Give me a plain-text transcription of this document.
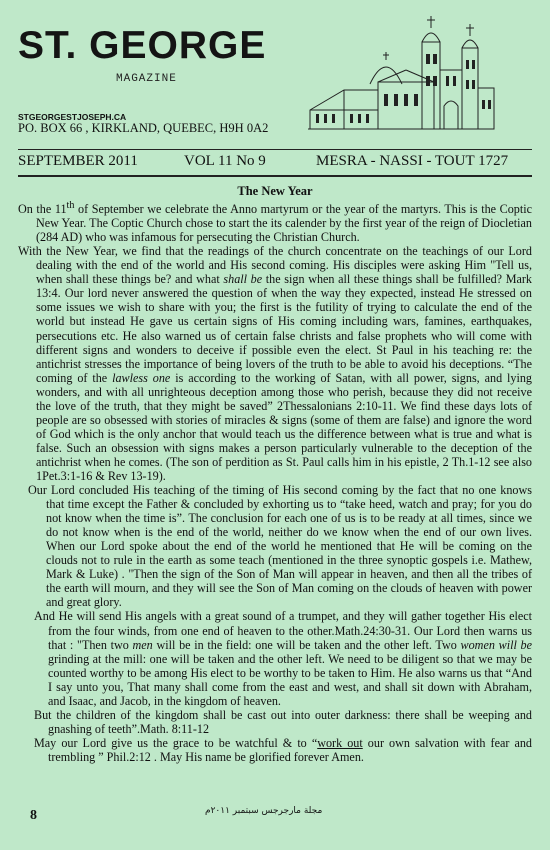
ST. GEORGE
MAGAZINE
STGEORGESTJOSEPH.CA
PO. BOX 66 , KIRKLAND, QUEBEC, H9H 0A2
SEPTEMBER 2011	VOL 11 No 9	MESRA - NASSI - TOUT 1727
The New Year

On the 11th of September we celebrate the Anno martyrum or the year of the martyrs. This is the Coptic New Year. The Coptic Church chose to start the its calender by the first year of the reign of Diocletian (284 AD) who was infamous for persecuting the Christian Church.

With the New Year, we find that the readings of the church concentrate on the teachings of our Lord dealing with the end of the world and His second coming. His disciples were asking Him "Tell us, when shall these things be? and what shall be the sign when all these things shall be fulfilled? Mark 13:4. Our lord never answered the question of when the way they expected, instead He stressed on some issues we wish to share with you; the first is the futility of trying to calculate the end of the world but instead He gave us certain signs of His coming including wars, famines, earthquakes, persecutions etc. He also warned us of certain false christs and false prophets who will come with different signs and wonders to deceive if possible even the elect. St Paul in his teaching re: the antichrist stresses the importance of being lovers of the truth to be able to avoid his deceptions. “The coming of the lawless one is according to the working of Satan, with all power, signs, and lying wonders, and with all unrighteous deception among those who perish, because they did not receive the love of the truth, that they might be saved” 2Thessalonians 2:10-11. We find these days lots of people are so obsessed with stories of miracles & signs (some of them are false) and ignore the word of God which is the only anchor that would teach us the difference between what is true and what is false. Such an obsession with signs makes a person particularly vulnerable to the deception of the antichrist when he comes. (The son of perdition as St. Paul calls him in his epistle, 2 Th.1-12 see also 1Pet.3:1-16 & Rev 13-19).

Our Lord concluded His teaching of the timing of His second coming by the fact that no one knows that time except the Father & concluded by exhorting us to “take heed, watch and pray; for you do not know when the time is”. The conclusion for each one of us is to be ready at all times, since we do not know when is the end of the world, neither do we know when the end of our own lives. When our Lord spoke about the end of the world he mentioned that He will be coming on the clouds not to rule in the earth as some teach (mentioned in the three synoptic gospels i.e. Mathew, Mark & Luke) . "Then the sign of the Son of Man will appear in heaven, and then all the tribes of the earth will mourn, and they will see the Son of Man coming on the clouds of heaven with power and great glory.

And He will send His angels with a great sound of a trumpet, and they will gather together His elect from the four winds, from one end of heaven to the other.Math.24:30-31. Our Lord then warns us that : "Then two men will be in the field: one will be taken and the other left. Two women will be grinding at the mill: one will be taken and the other left. We need to be diligent so that we may be counted worthy to be among His elect to be worthy to be taken to Him. He also warns us that “And I say unto you, That many shall come from the east and west, and shall sit down with Abraham, and Isaac, and Jacob, in the kingdom of heaven.

But the children of the kingdom shall be cast out into outer darkness: there shall be weeping and gnashing of teeth”.Math. 8:11-12

May our Lord give us the grace to be watchful & to “work out our own salvation with fear and trembling ” Phil.2:12 . May His name be glorified forever Amen.

8	مجلة مارجرجس سبتمبر ٢٠١١م
